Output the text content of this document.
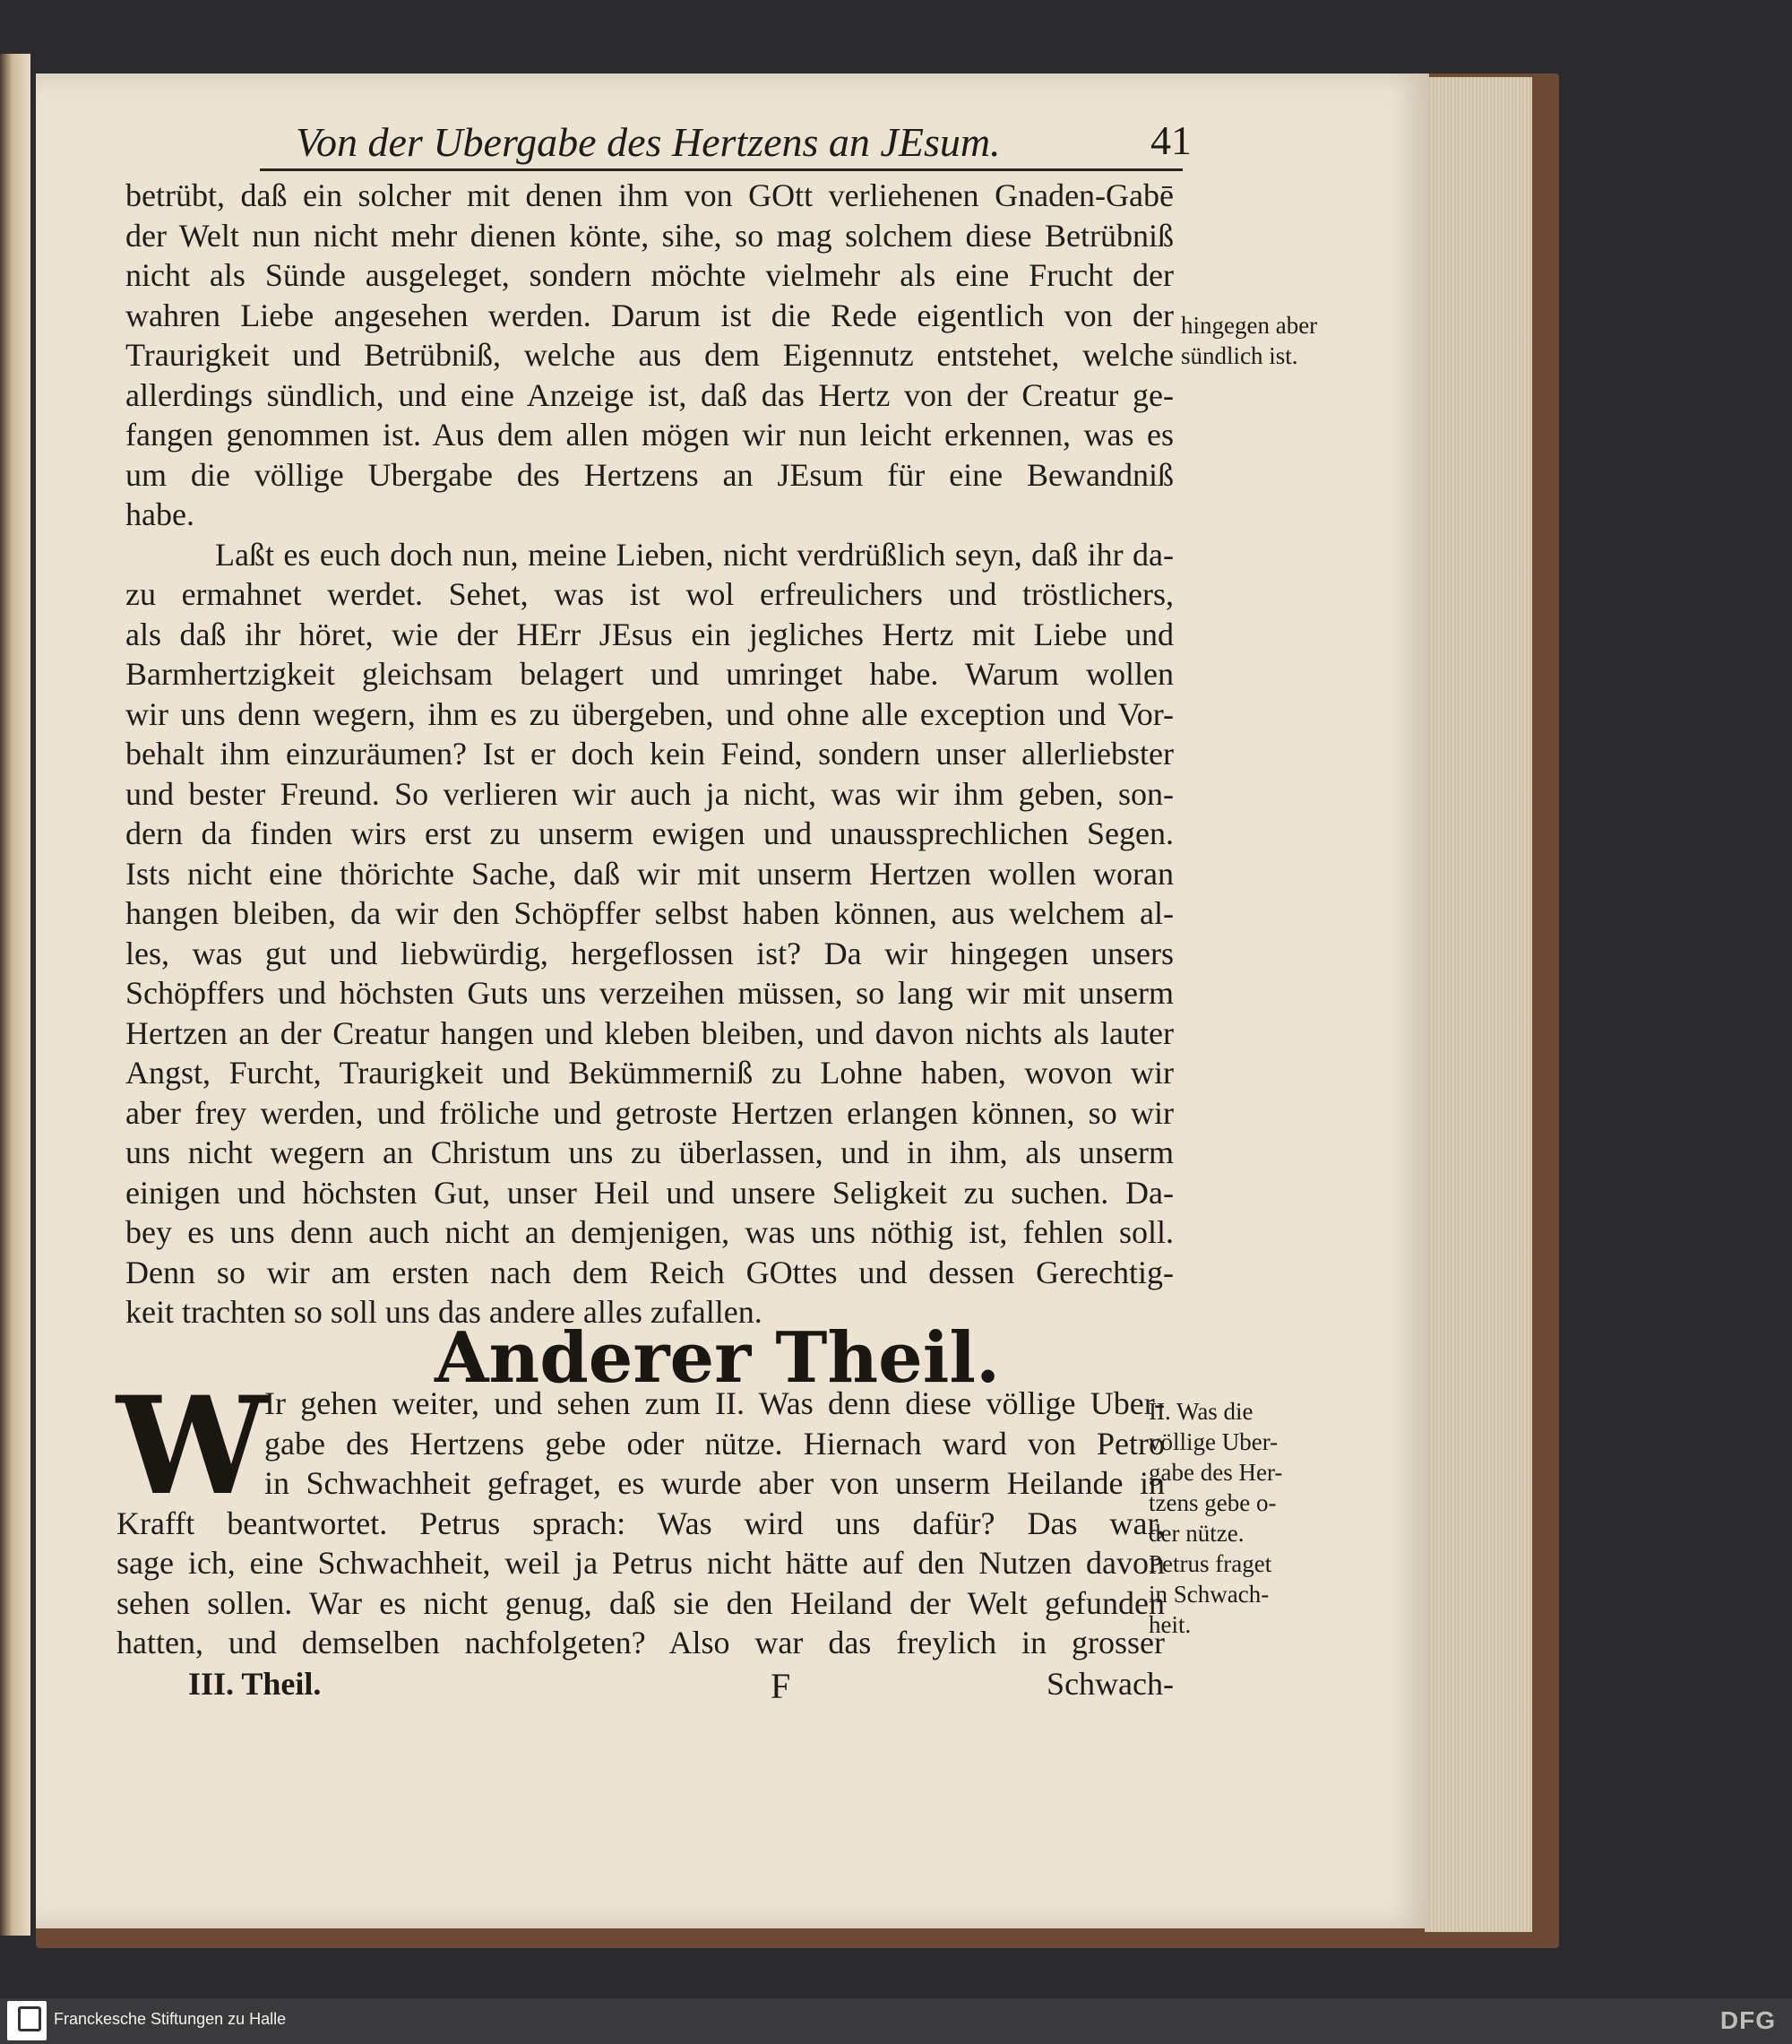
Von der Ubergabe des Hertzens an JEsum.	41
betrübt, daß ein solcher mit denen ihm von GOtt verliehenen Gnaden-Gabē
der Welt nun nicht mehr dienen könte, sihe, so mag solchem diese Betrübniß
nicht als Sünde ausgeleget, sondern möchte vielmehr als eine Frucht der
wahren Liebe angesehen werden. Darum ist die Rede eigentlich von der
Traurigkeit und Betrübniß, welche aus dem Eigennutz entstehet, welche
allerdings sündlich, und eine Anzeige ist, daß das Hertz von der Creatur ge-
fangen genommen ist. Aus dem allen mögen wir nun leicht erkennen, was es
um die völlige Ubergabe des Hertzens an JEsum für eine Bewandniß
habe.
Laßt es euch doch nun, meine Lieben, nicht verdrüßlich seyn, daß ihr da-
zu ermahnet werdet. Sehet, was ist wol erfreulichers und tröstlichers,
als daß ihr höret, wie der HErr JEsus ein jegliches Hertz mit Liebe und
Barmhertzigkeit gleichsam belagert und umringet habe. Warum wollen
wir uns denn wegern, ihm es zu übergeben, und ohne alle exception und Vor-
behalt ihm einzuräumen? Ist er doch kein Feind, sondern unser allerliebster
und bester Freund. So verlieren wir auch ja nicht, was wir ihm geben, son-
dern da finden wirs erst zu unserm ewigen und unaussprechlichen Segen.
Ists nicht eine thörichte Sache, daß wir mit unserm Hertzen wollen woran
hangen bleiben, da wir den Schöpffer selbst haben können, aus welchem al-
les, was gut und liebwürdig, hergeflossen ist? Da wir hingegen unsers
Schöpffers und höchsten Guts uns verzeihen müssen, so lang wir mit unserm
Hertzen an der Creatur hangen und kleben bleiben, und davon nichts als lauter
Angst, Furcht, Traurigkeit und Bekümmerniß zu Lohne haben, wovon wir
aber frey werden, und fröliche und getroste Hertzen erlangen können, so wir
uns nicht wegern an Christum uns zu überlassen, und in ihm, als unserm
einigen und höchsten Gut, unser Heil und unsere Seligkeit zu suchen. Da-
bey es uns denn auch nicht an demjenigen, was uns nöthig ist, fehlen soll.
Denn so wir am ersten nach dem Reich GOttes und dessen Gerechtig-
keit trachten so soll uns das andere alles zufallen.
hingegen aber
sündlich ist.
Anderer Theil.
W
Ir gehen weiter, und sehen zum II. Was denn diese völlige Uber-
gabe des Hertzens gebe oder nütze. Hiernach ward von Petro
in Schwachheit gefraget, es wurde aber von unserm Heilande in
Krafft beantwortet. Petrus sprach: Was wird uns dafür? Das war,
sage ich, eine Schwachheit, weil ja Petrus nicht hätte auf den Nutzen davon
sehen sollen. War es nicht genug, daß sie den Heiland der Welt gefunden
hatten, und demselben nachfolgeten? Also war das freylich in grosser
II. Was die
völlige Uber-
gabe des Her-
tzens gebe o-
der nütze.
Petrus fraget
in Schwach-
heit.
III. Theil.	F	Schwach-
Franckesche Stiftungen zu Halle	DFG
